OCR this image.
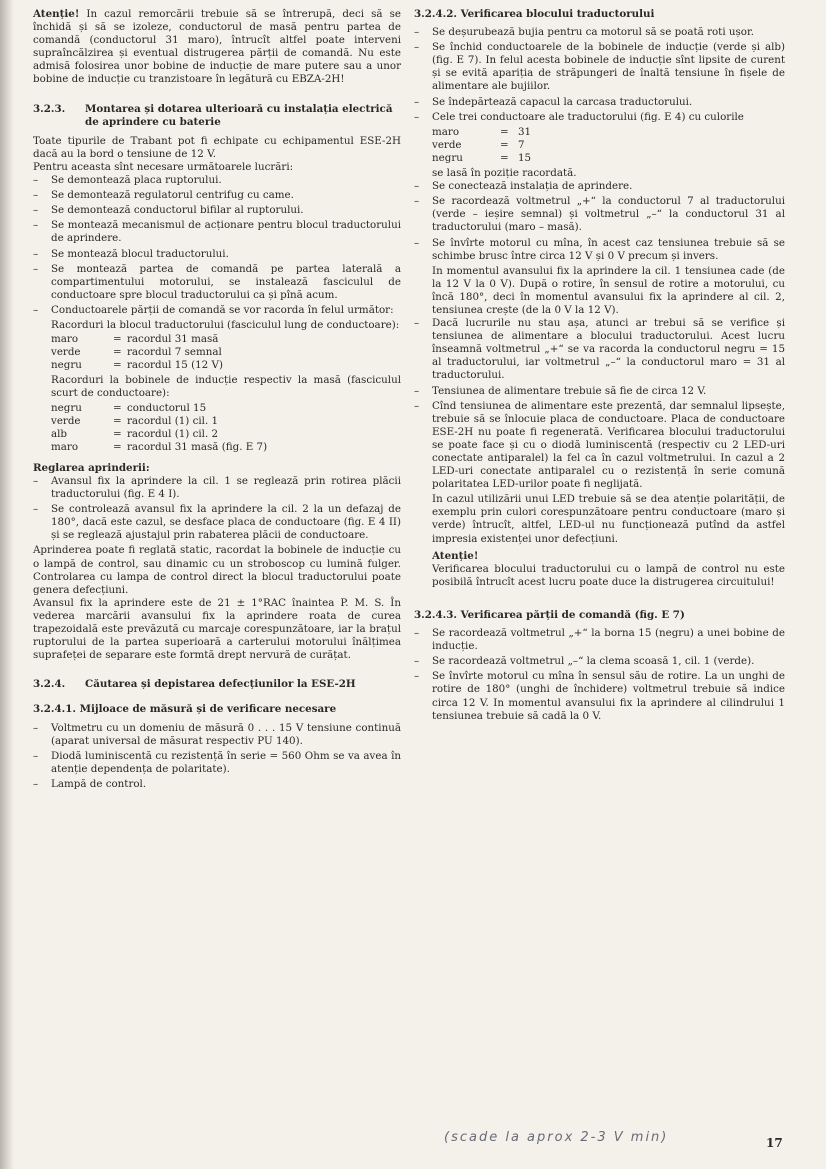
Atenție! In cazul remorcării trebuie să se întrerupă, deci să se închidă și să se izoleze, conductorul de masă pentru partea de comandă (conductorul 31 maro), întrucît altfel poate interveni supraîncălzirea și eventual distrugerea părții de comandă. Nu este admisă folosirea unor bobine de inducție de mare putere sau a unor bobine de inducție cu tranzistoare în legătură cu EBZA-2H!

3.2.3.	Montarea și dotarea ulterioară cu instalația electrică de aprindere cu baterie

Toate tipurile de Trabant pot fi echipate cu echipamentul ESE-2H dacă au la bord o tensiune de 12 V.

Pentru aceasta sînt necesare următoarele lucrări:

– Se demontează placa ruptorului.
– Se demontează regulatorul centrifug cu came.
– Se demontează conductorul bifilar al ruptorului.
– Se montează mecanismul de acționare pentru blocul traductorului de aprindere.
– Se montează blocul traductorului.
– Se montează partea de comandă pe partea laterală a compartimentului motorului, se instalează fasciculul de conductoare spre blocul traductorului ca și pînă acum.
– Conductoarele părții de comandă se vor racorda în felul următor:

Racorduri la blocul traductorului (fasciculul lung de conductoare):

maro	=	racordul 31 masă
verde	=	racordul 7 semnal
negru	=	racordul 15 (12 V)

Racorduri la bobinele de inducție respectiv la masă (fasciculul scurt de conductoare):

negru	=	conductorul 15
verde	=	racordul (1) cil. 1
alb	=	racordul (1) cil. 2
maro	=	racordul 31 masă (fig. E 7)

Reglarea aprinderii:

– Avansul fix la aprindere la cil. 1 se reglează prin rotirea plăcii traductorului (fig. E 4 I).
– Se controlează avansul fix la aprindere la cil. 2 la un defazaj de 180°, dacă este cazul, se desface placa de conductoare (fig. E 4 II) și se reglează ajustajul prin rabaterea plăcii de conductoare.

Aprinderea poate fi reglată static, racordat la bobinele de inducție cu o lampă de control, sau dinamic cu un stroboscop cu lumină fulger. Controlarea cu lampa de control direct la blocul traductorului poate genera defecțiuni.

Avansul fix la aprindere este de 21 ± 1°RAC înaintea P. M. S. În vederea marcării avansului fix la aprindere roata de curea trapezoidală este prevăzută cu marcaje corespunzătoare, iar la brațul ruptorului de la partea superioară a carterului motorului înălțimea suprafeței de separare este formtă drept nervură de curățat.

3.2.4.	Căutarea și depistarea defecțiunilor la ESE-2H

3.2.4.1. Mijloace de măsură și de verificare necesare

– Voltmetru cu un domeniu de măsură 0 . . . 15 V tensiune continuă (aparat universal de măsurat respectiv PU 140).
– Diodă luminiscentă cu rezistență în serie = 560 Ohm se va avea în atenție dependența de polaritate).
– Lampă de control.

3.2.4.2. Verificarea blocului traductorului

– Se deșurubează bujia pentru ca motorul să se poată roti ușor.
– Se închid conductoarele de la bobinele de inducție (verde și alb) (fig. E 7). In felul acesta bobinele de inducție sînt lipsite de curent și se evită apariția de străpungeri de înaltă tensiune în fișele de alimentare ale bujiilor.
– Se îndepărtează capacul la carcasa traductorului.
– Cele trei conductoare ale traductorului (fig. E 4) cu culorile
maro	=	31
verde	=	7
negru	=	15

se lasă în poziție racordată.

– Se conectează instalația de aprindere.
– Se racordează voltmetrul „+“ la conductorul 7 al traductorului (verde – ieșire semnal) și voltmetrul „–“ la conductorul 31 al traductorului (maro – masă).
– Se învîrte motorul cu mîna, în acest caz tensiunea trebuie să se schimbe brusc între circa 12 V și 0 V precum și invers.

In momentul avansului fix la aprindere la cil. 1 tensiunea cade (de la 12 V la 0 V). După o rotire, în sensul de rotire a motorului, cu încă 180°, deci în momentul avansului fix la aprindere al cil. 2, tensiunea crește (de la 0 V la 12 V).

– Dacă lucrurile nu stau așa, atunci ar trebui să se verifice și tensiunea de alimentare a blocului traductorului. Acest lucru înseamnă voltmetrul „+“ se va racorda la conductorul negru = 15 al traductorului, iar voltmetrul „–“ la conductorul maro = 31 al traductorului.
– Tensiunea de alimentare trebuie să fie de circa 12 V.
– Cînd tensiunea de alimentare este prezentă, dar semnalul lipsește, trebuie să se înlocuie placa de conductoare. Placa de conductoare ESE-2H nu poate fi regenerată. Verificarea blocului traductorului se poate face și cu o diodă luminiscentă (respectiv cu 2 LED-uri conectate antiparalel) la fel ca în cazul voltmetrului. In cazul a 2 LED-uri conectate antiparalel cu o rezistență în serie comună polaritatea LED-urilor poate fi neglijată.

In cazul utilizării unui LED trebuie să se dea atenție polarității, de exemplu prin culori corespunzătoare pentru conductoare (maro și verde) întrucît, altfel, LED-ul nu funcționează putînd da astfel impresia existenței unor defecțiuni.

Atenție!

Verificarea blocului traductorului cu o lampă de control nu este posibilă întrucît acest lucru poate duce la distrugerea circuitului!

3.2.4.3. Verificarea părții de comandă (fig. E 7)

– Se racordează voltmetrul „+“ la borna 15 (negru) a unei bobine de inducție.
– Se racordează voltmetrul „–“ la clema scoasă 1, cil. 1 (verde).
– Se învîrte motorul cu mîna în sensul său de rotire. La un unghi de rotire de 180° (unghi de închidere) voltmetrul trebuie să indice circa 12 V. In momentul avansului fix la aprindere al cilindrului 1 tensiunea trebuie să cadă la 0 V.
(scade la aprox 2-3 V min)	17
